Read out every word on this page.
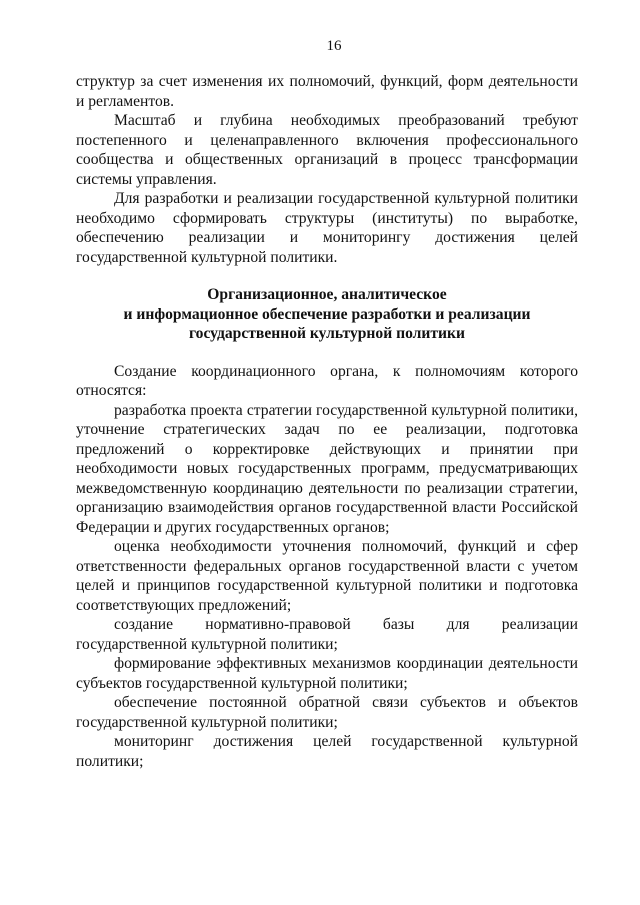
16

структур за счет изменения их полномочий, функций, форм деятельности и регламентов.

Масштаб и глубина необходимых преобразований требуют постепенного и целенаправленного включения профессионального сообщества и общественных организаций в процесс трансформации системы управления.

Для разработки и реализации государственной культурной политики необходимо сформировать структуры (институты) по выработке, обеспечению реализации и мониторингу достижения целей государственной культурной политики.

Организационное, аналитическое
и информационное обеспечение разработки и реализации
государственной культурной политики

Создание координационного органа, к полномочиям которого относятся:

разработка проекта стратегии государственной культурной политики, уточнение стратегических задач по ее реализации, подготовка предложений о корректировке действующих и принятии при необходимости новых государственных программ, предусматривающих межведомственную координацию деятельности по реализации стратегии, организацию взаимодействия органов государственной власти Российской Федерации и других государственных органов;

оценка необходимости уточнения полномочий, функций и сфер ответственности федеральных органов государственной власти с учетом целей и принципов государственной культурной политики и подготовка соответствующих предложений;

создание нормативно-правовой базы для реализации государственной культурной политики;

формирование эффективных механизмов координации деятельности субъектов государственной культурной политики;

обеспечение постоянной обратной связи субъектов и объектов государственной культурной политики;

мониторинг достижения целей государственной культурной политики;
